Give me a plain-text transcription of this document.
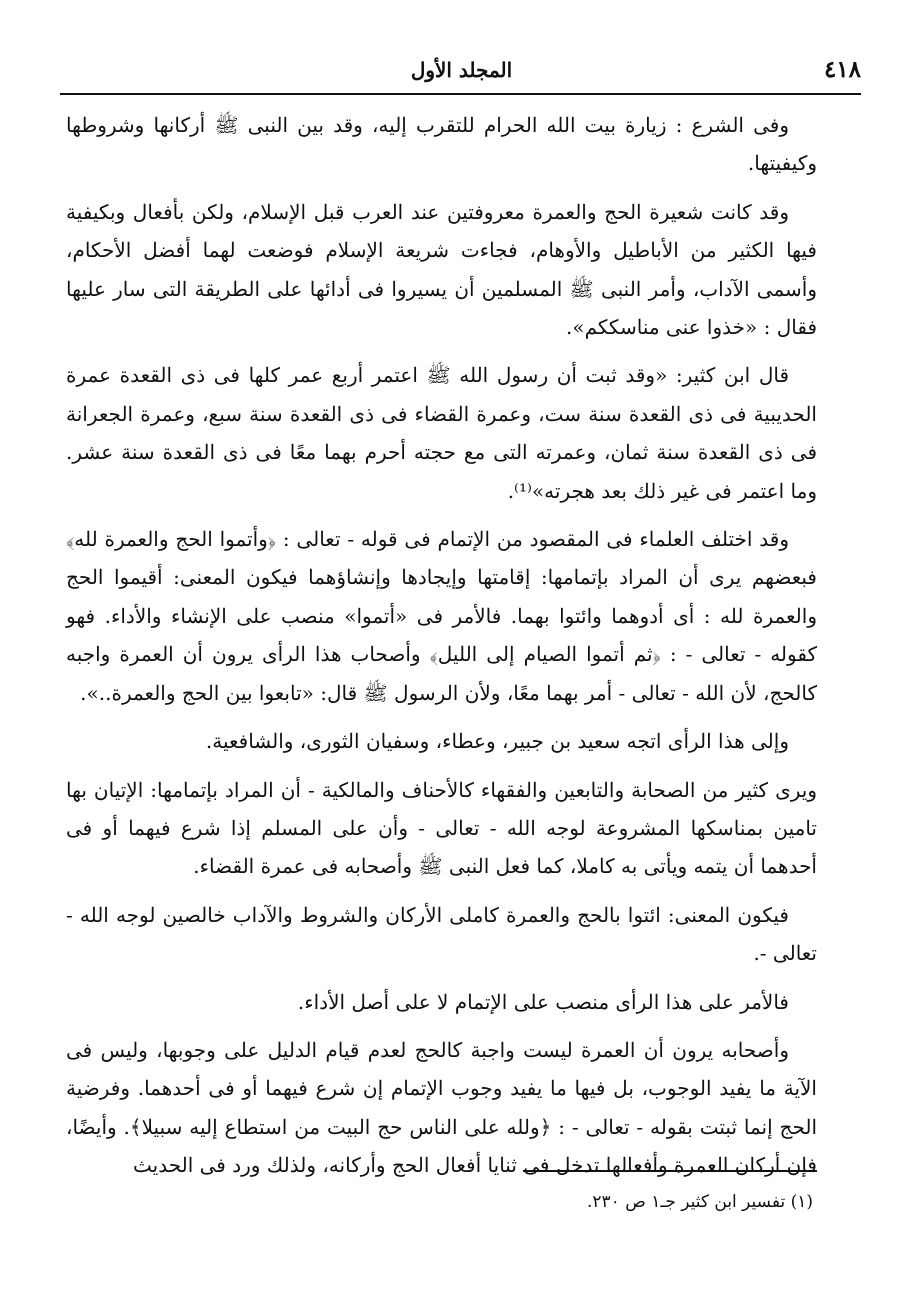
٤١٨
المجلد الأول

وفى الشرع : زيارة بيت الله الحرام للتقرب إليه، وقد بين النبى ﷺ أركانها وشروطها وكيفيتها.

وقد كانت شعيرة الحج والعمرة معروفتين عند العرب قبل الإسلام، ولكن بأفعال وبكيفية فيها الكثير من الأباطيل والأوهام، فجاءت شريعة الإسلام فوضعت لهما أفضل الأحكام، وأسمى الآداب، وأمر النبى ﷺ المسلمين أن يسيروا فى أدائها على الطريقة التى سار عليها فقال : «خذوا عنى مناسككم».

قال ابن كثير: «وقد ثبت أن رسول الله ﷺ اعتمر أربع عمر كلها فى ذى القعدة عمرة الحديبية فى ذى القعدة سنة ست، وعمرة القضاء فى ذى القعدة سنة سبع، وعمرة الجعرانة فى ذى القعدة سنة ثمان، وعمرته التى مع حجته أحرم بهما معًا فى ذى القعدة سنة عشر. وما اعتمر فى غير ذلك بعد هجرته»⁽¹⁾.

وقد اختلف العلماء فى المقصود من الإتمام فى قوله - تعالى : ﴿وأتموا الحج والعمرة لله﴾ فبعضهم يرى أن المراد بإتمامها: إقامتها وإيجادها وإنشاؤهما فيكون المعنى: أقيموا الحج والعمرة لله : أى أدوهما وائتوا بهما. فالأمر فى «أتموا» منصب على الإنشاء والأداء. فهو كقوله - تعالى - : ﴿ثم أتموا الصيام إلى الليل﴾ وأصحاب هذا الرأى يرون أن العمرة واجبه كالحج، لأن الله - تعالى - أمر بهما معًا، ولأن الرسول ﷺ قال: «تابعوا بين الحج والعمرة..».

وإلى هذا الرأى اتجه سعيد بن جبير، وعطاء، وسفيان الثورى، والشافعية.

ويرى كثير من الصحابة والتابعين والفقهاء كالأحناف والمالكية - أن المراد بإتمامها: الإتيان بها تامين بمناسكها المشروعة لوجه الله - تعالى - وأن على المسلم إذا شرع فيهما أو فى أحدهما أن يتمه ويأتى به كاملا، كما فعل النبى ﷺ وأصحابه فى عمرة القضاء.

فيكون المعنى: ائتوا بالحج والعمرة كاملى الأركان والشروط والآداب خالصين لوجه الله - تعالى -.

فالأمر على هذا الرأى منصب على الإتمام لا على أصل الأداء.

وأصحابه يرون أن العمرة ليست واجبة كالحج لعدم قيام الدليل على وجوبها، وليس فى الآية ما يفيد الوجوب، بل فيها ما يفيد وجوب الإتمام إن شرع فيهما أو فى أحدهما. وفرضية الحج إنما ثبتت بقوله - تعالى - : ﴿ولله على الناس حج البيت من استطاع إليه سبيلا﴾. وأيضًا، فإن أركان العمرة وأفعالها تدخل فى ثنايا أفعال الحج وأركانه، ولذلك ورد فى الحديث

(١) تفسير ابن كثير جـ١ ص ٢٣٠.
